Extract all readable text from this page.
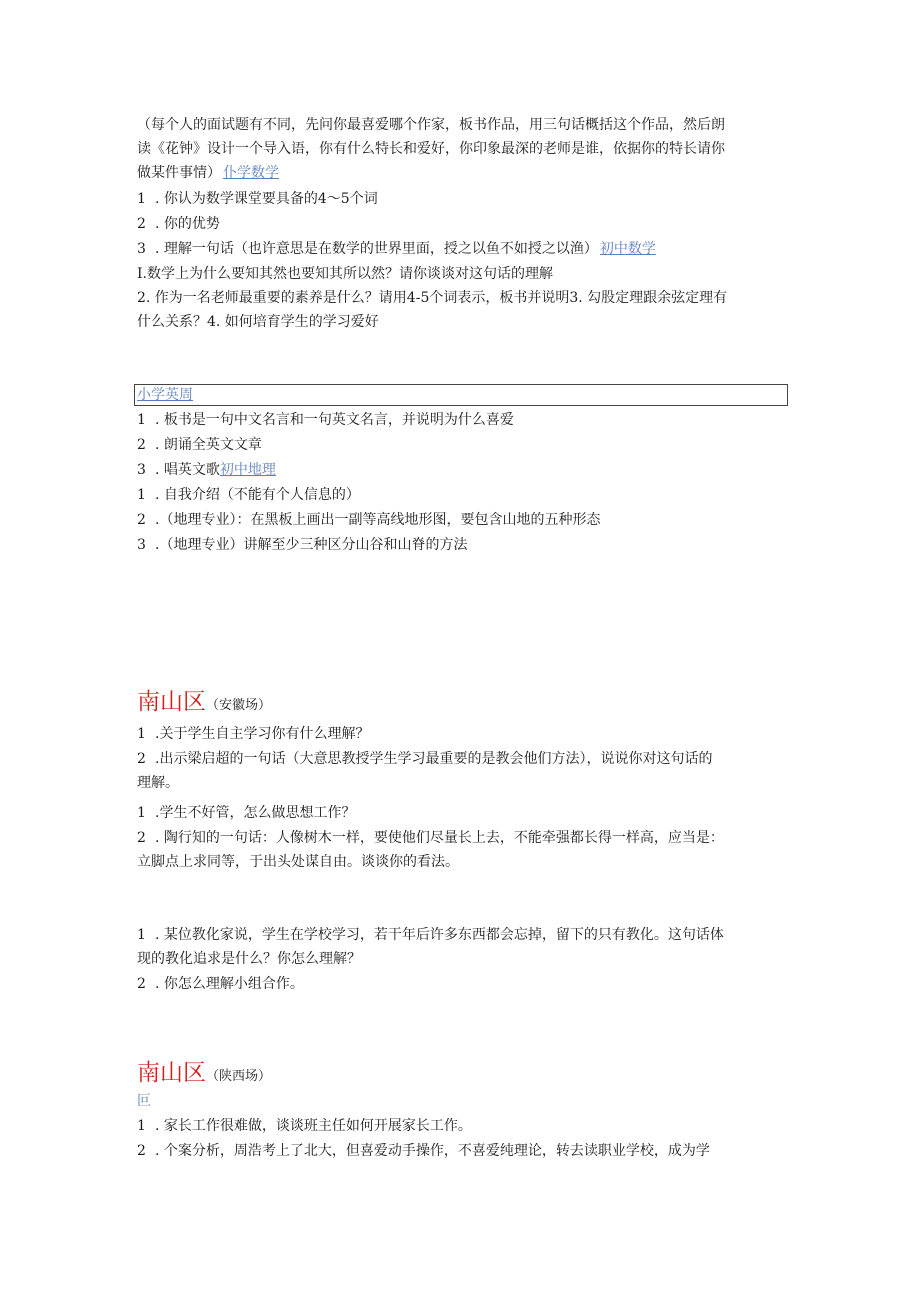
（每个人的面试题有不同，先问你最喜爱哪个作家，板书作品，用三句话概括这个作品，然后朗
读《花钟》设计一个导入语，你有什么特长和爱好，你印象最深的老师是谁，依据你的特长请你
做某件事情） 仆学数学
1 . 你认为数学课堂要具备的4〜5个词
2 . 你的优势
3 . 理解一句话（也许意思是在数学的世界里面，授之以鱼不如授之以渔） 初中数学
I.数学上为什么要知其然也要知其所以然？请你谈谈对这句话的理解
2. 作为一名老师最重要的素养是什么？请用4-5个词表示，板书并说明3. 勾股定理跟余弦定理有
什么关系？4. 如何培育学生的学习爱好
小学英周
1 . 板书是一句中文名言和一句英文名言，并说明为什么喜爱
2 . 朗诵全英文文章
3 . 唱英文歌初中地理
1 . 自我介绍（不能有个人信息的）
2 .（地理专业）：在黑板上画出一副等高线地形图，要包含山地的五种形态
3 .（地理专业）讲解至少三种区分山谷和山脊的方法
南山区（安徽场）
1 .关于学生自主学习你有什么理解？
2 .出示梁启超的一句话（大意思教授学生学习最重要的是教会他们方法），说说你对这句话的
理解。
1 .学生不好管，怎么做思想工作？
2 . 陶行知的一句话：人像树木一样，要使他们尽量长上去，不能牵强都长得一样高，应当是：
立脚点上求同等，于出头处谋自由。谈谈你的看法。
1 . 某位教化家说，学生在学校学习，若干年后许多东西都会忘掉，留下的只有教化。这句话体
现的教化追求是什么？你怎么理解？
2 . 你怎么理解小组合作。
南山区（陕西场）
叵
1 . 家长工作很难做，谈谈班主任如何开展家长工作。
2 . 个案分析，周浩考上了北大，但喜爱动手操作，不喜爱纯理论，转去读职业学校，成为学
